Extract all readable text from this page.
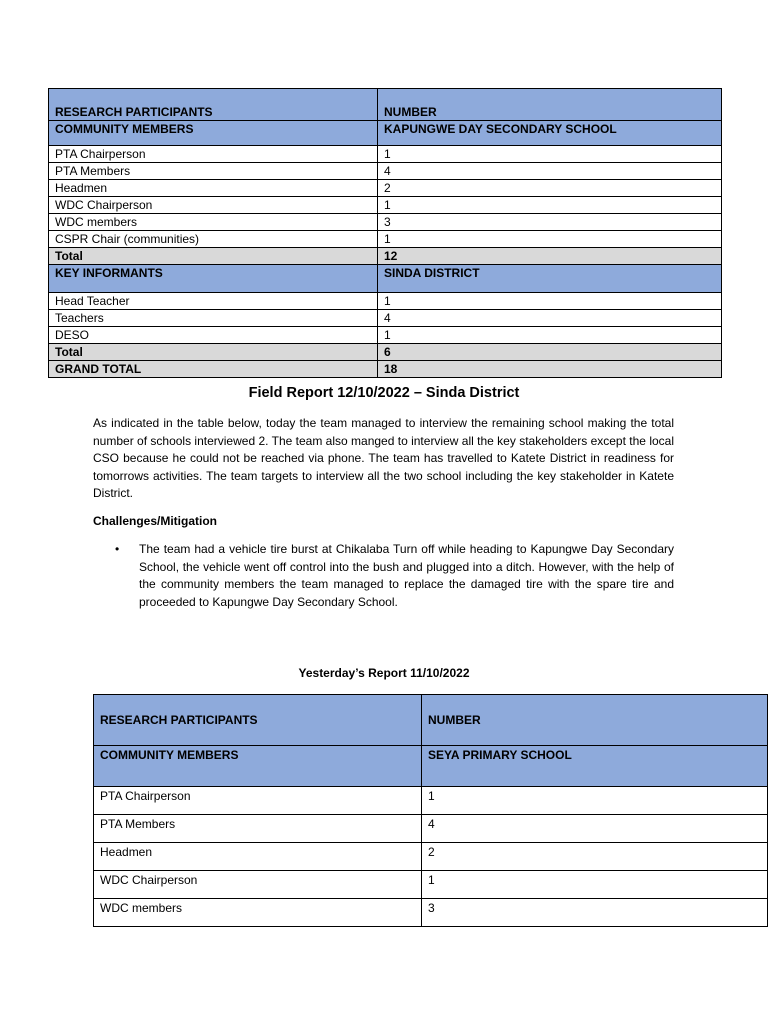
RESEARCH PARTICIPANTS	NUMBER
COMMUNITY MEMBERS	KAPUNGWE DAY SECONDARY SCHOOL
PTA Chairperson	1
PTA Members	4
Headmen	2
WDC Chairperson	1
WDC members	3
CSPR Chair (communities)	1
Total	12
KEY INFORMANTS	SINDA DISTRICT
Head Teacher	1
Teachers	4
DESO	1
Total	6
GRAND TOTAL	18
Field Report 12/10/2022 – Sinda District

As indicated in the table below, today the team managed to interview the remaining school making the total number of schools interviewed 2. The team also manged to interview all the key stakeholders except the local CSO because he could not be reached via phone. The team has travelled to Katete District in readiness for tomorrows activities. The team targets to interview all the two school including the key stakeholder in Katete District.

Challenges/Mitigation
• The team had a vehicle tire burst at Chikalaba Turn off while heading to Kapungwe Day Secondary School, the vehicle went off control into the bush and plugged into a ditch. However, with the help of the community members the team managed to replace the damaged tire with the spare tire and proceeded to Kapungwe Day Secondary School.
Yesterday’s Report 11/10/2022
RESEARCH PARTICIPANTS	NUMBER
COMMUNITY MEMBERS	SEYA PRIMARY SCHOOL
PTA Chairperson	1
PTA Members	4
Headmen	2
WDC Chairperson	1
WDC members	3
